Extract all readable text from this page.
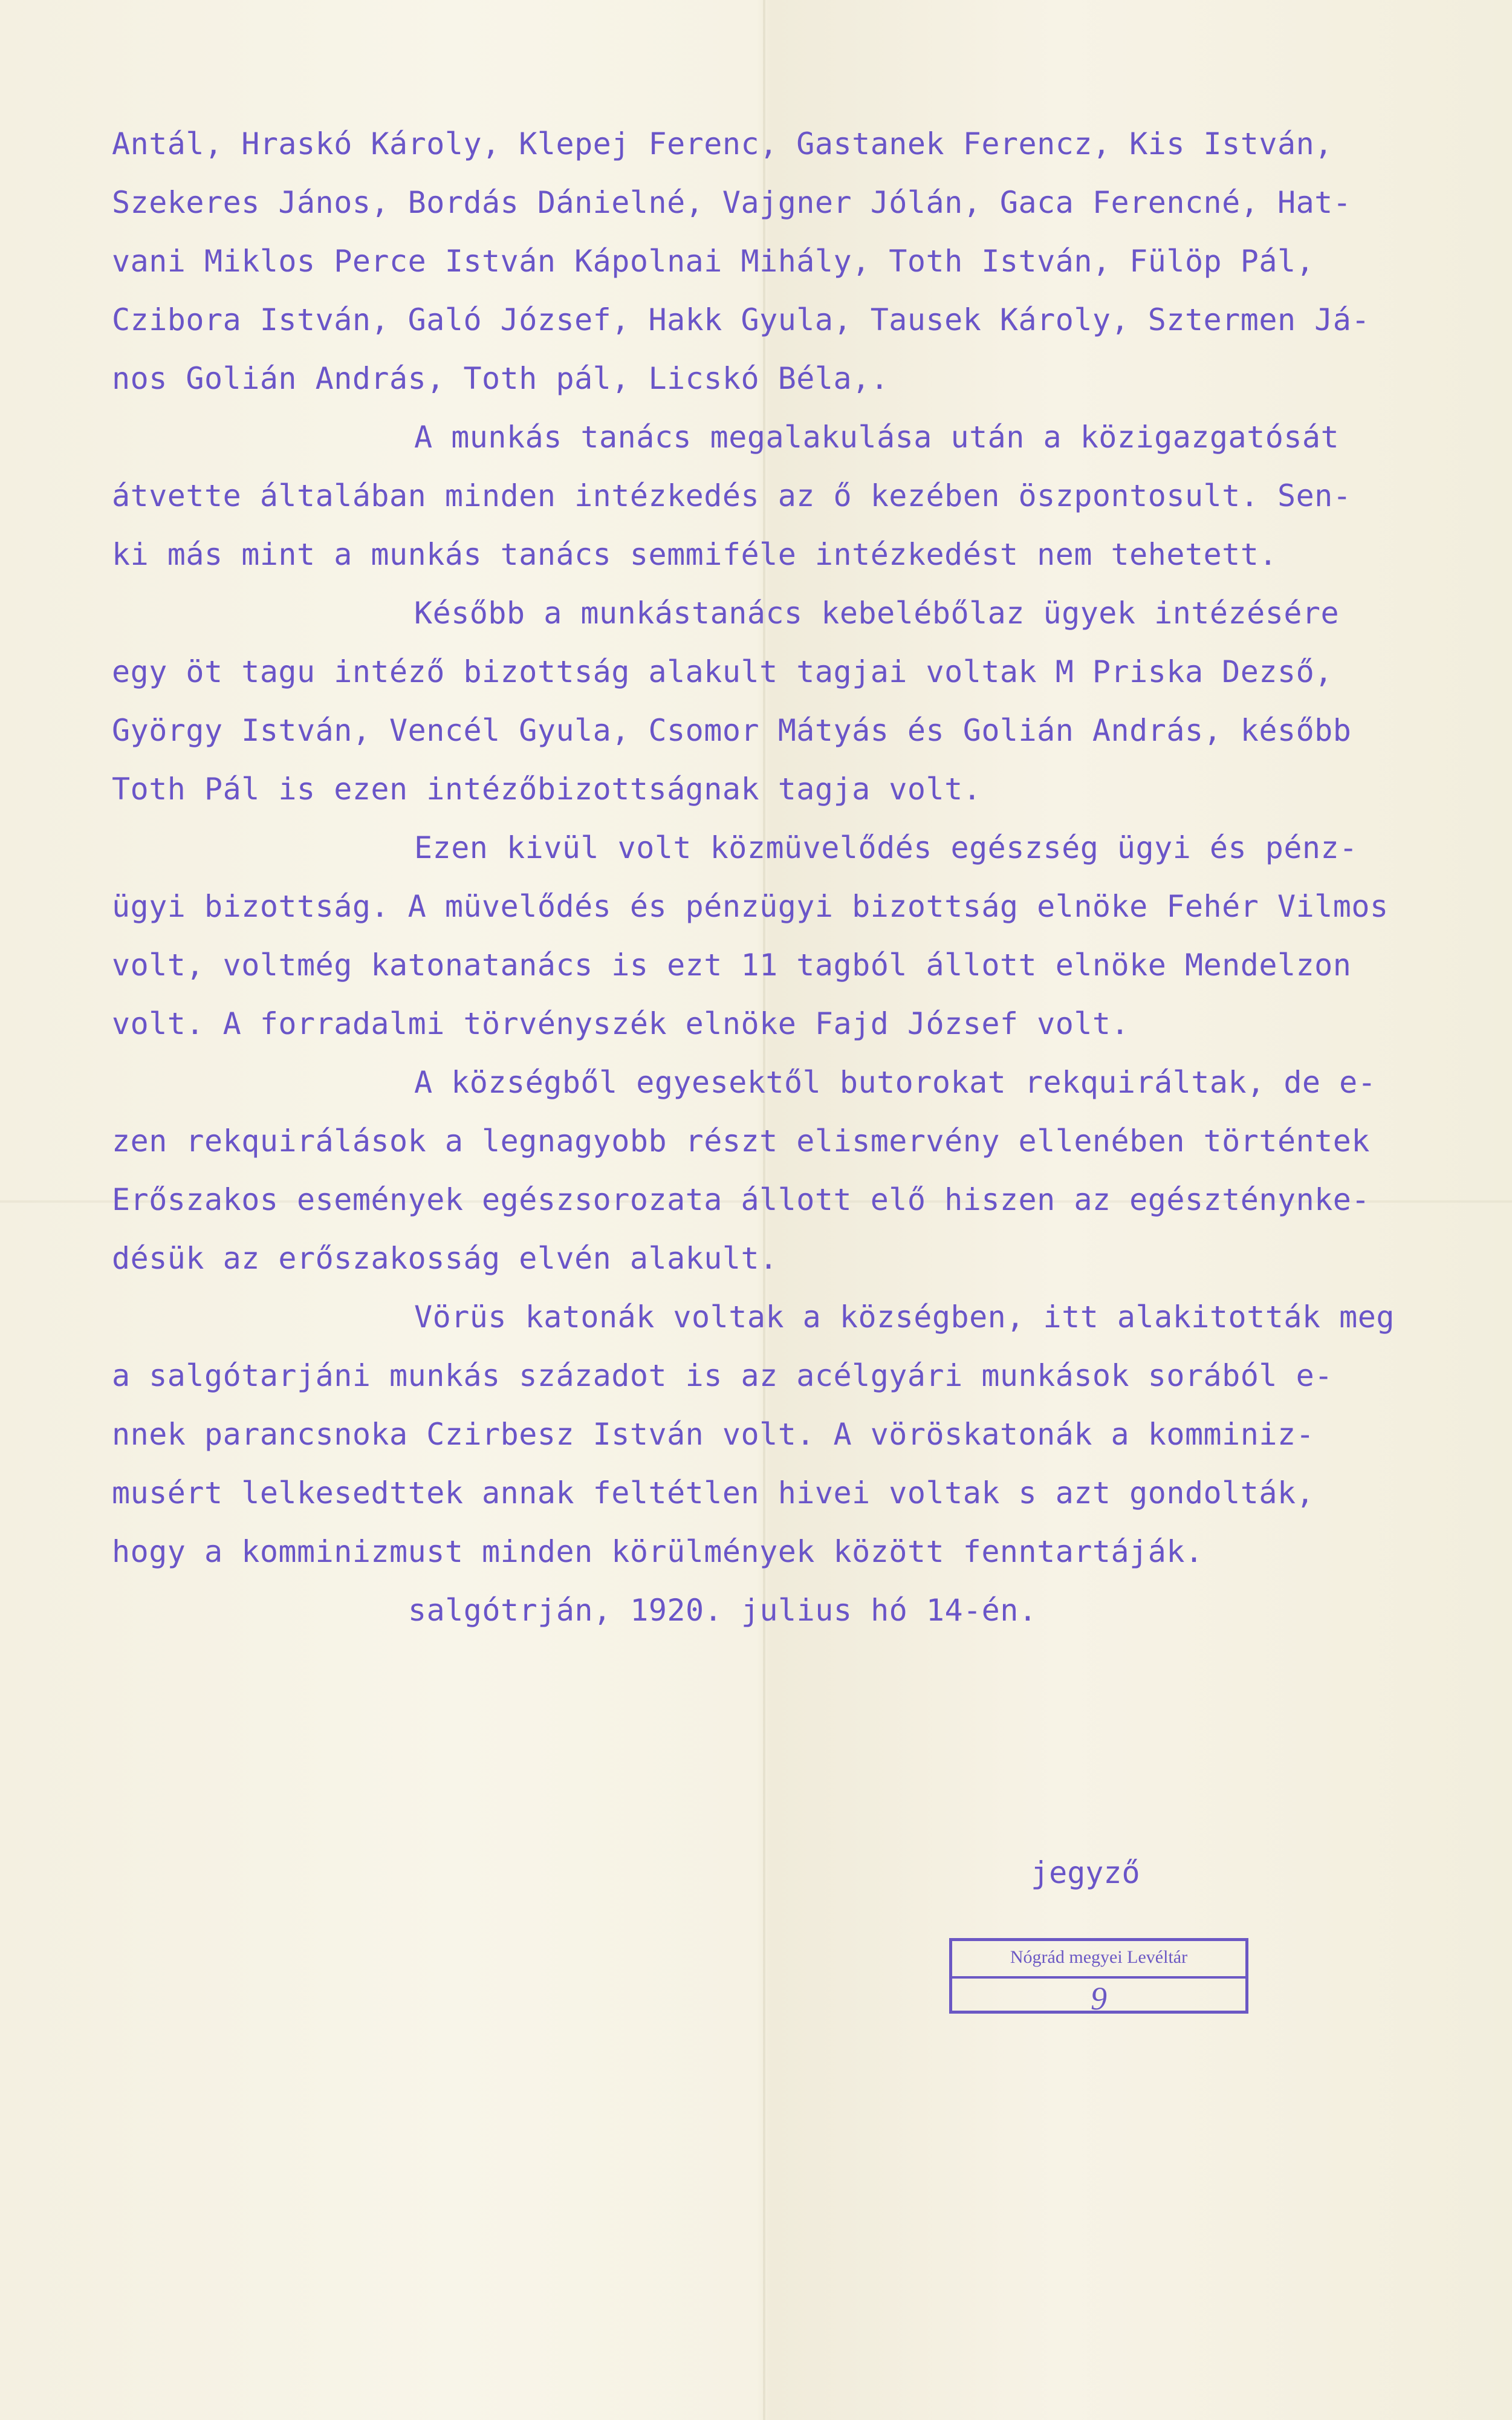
Antál, Hraskó Károly, Klepej Ferenc, Gastanek Ferencz, Kis István,

Szekeres János, Bordás Dánielné, Vajgner Jólán, Gaca Ferencné, Hat-

vani Miklos Perce István Kápolnai Mihály, Toth István, Fülöp Pál,

Czibora István, Galó József, Hakk Gyula, Tausek Károly, Sztermen Já-

nos Golián András, Toth pál, Licskó Béla,.

A munkás tanács megalakulása után a közigazgatósát

átvette általában minden intézkedés az ő kezében öszpontosult. Sen-

ki más mint a munkás tanács semmiféle intézkedést nem tehetett.

Később a munkástanács kebelébőlaz ügyek intézésére

egy öt tagu intéző bizottság alakult tagjai voltak M Priska Dezső,

György István, Vencél Gyula, Csomor Mátyás és Golián András, később

Toth Pál is ezen intézőbizottságnak tagja volt.

Ezen kivül volt közmüvelődés egészség ügyi és pénz-

ügyi bizottság. A müvelődés és pénzügyi bizottság elnöke Fehér Vilmos

volt, voltmég katonatanács is ezt 11 tagból állott elnöke Mendelzon

volt. A forradalmi törvényszék elnöke Fajd József volt.

A községből egyesektől butorokat rekquiráltak, de e-

zen rekquirálások a legnagyobb részt elismervény ellenében történtek

Erőszakos események egészsorozata állott elő hiszen az egészténynke-

désük az erőszakosság elvén alakult.

Vörüs katonák voltak a községben, itt alakitották meg

a salgótarjáni munkás századot is az acélgyári munkások sorából e-

nnek parancsnoka Czirbesz István volt. A vöröskatonák a komminiz-

musért lelkesedttek annak feltétlen hivei voltak s azt gondolták,

hogy a komminizmust minden körülmények között fenntartáják.

salgótrján, 1920. julius hó 14-én.

jegyző
Nógrád megyei Levéltár
9
